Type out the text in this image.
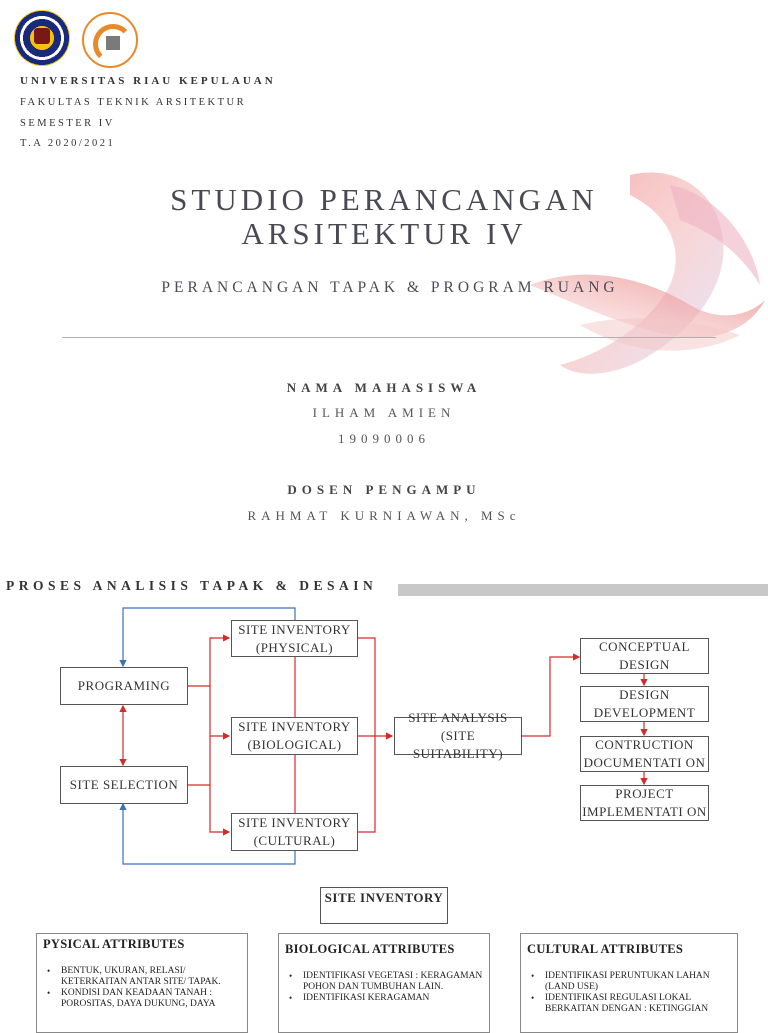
UNIVERSITAS RIAU KEPULAUAN
FAKULTAS TEKNIK ARSITEKTUR
SEMESTER IV
T.A 2020/2021
STUDIO PERANCANGAN
ARSITEKTUR IV
PERANCANGAN TAPAK & PROGRAM RUANG
NAMA MAHASISWA
ILHAM AMIEN
19090006
DOSEN PENGAMPU
RAHMAT KURNIAWAN, MSc
PROSES ANALISIS TAPAK & DESAIN
PROGRAMING
SITE SELECTION
SITE INVENTORY (PHYSICAL)
SITE INVENTORY (BIOLOGICAL)
SITE INVENTORY (CULTURAL)
SITE ANALYSIS (SITE SUITABILITY)
CONCEPTUAL DESIGN
DESIGN DEVELOPMENT
CONTRUCTION DOCUMENTATI ON
PROJECT IMPLEMENTATI ON
SITE INVENTORY
PYSICAL ATTRIBUTES
• BENTUK, UKURAN, RELASI/ KETERKAITAN ANTAR SITE/ TAPAK.
• KONDISI DAN KEADAAN TANAH : POROSITAS, DAYA DUKUNG, DAYA
BIOLOGICAL ATTRIBUTES
• IDENTIFIKASI VEGETASI : KERAGAMAN POHON DAN TUMBUHAN LAIN.
• IDENTIFIKASI KERAGAMAN
CULTURAL ATTRIBUTES
• IDENTIFIKASI PERUNTUKAN LAHAN (LAND USE)
• IDENTIFIKASI REGULASI LOKAL BERKAITAN DENGAN : KETINGGIAN
